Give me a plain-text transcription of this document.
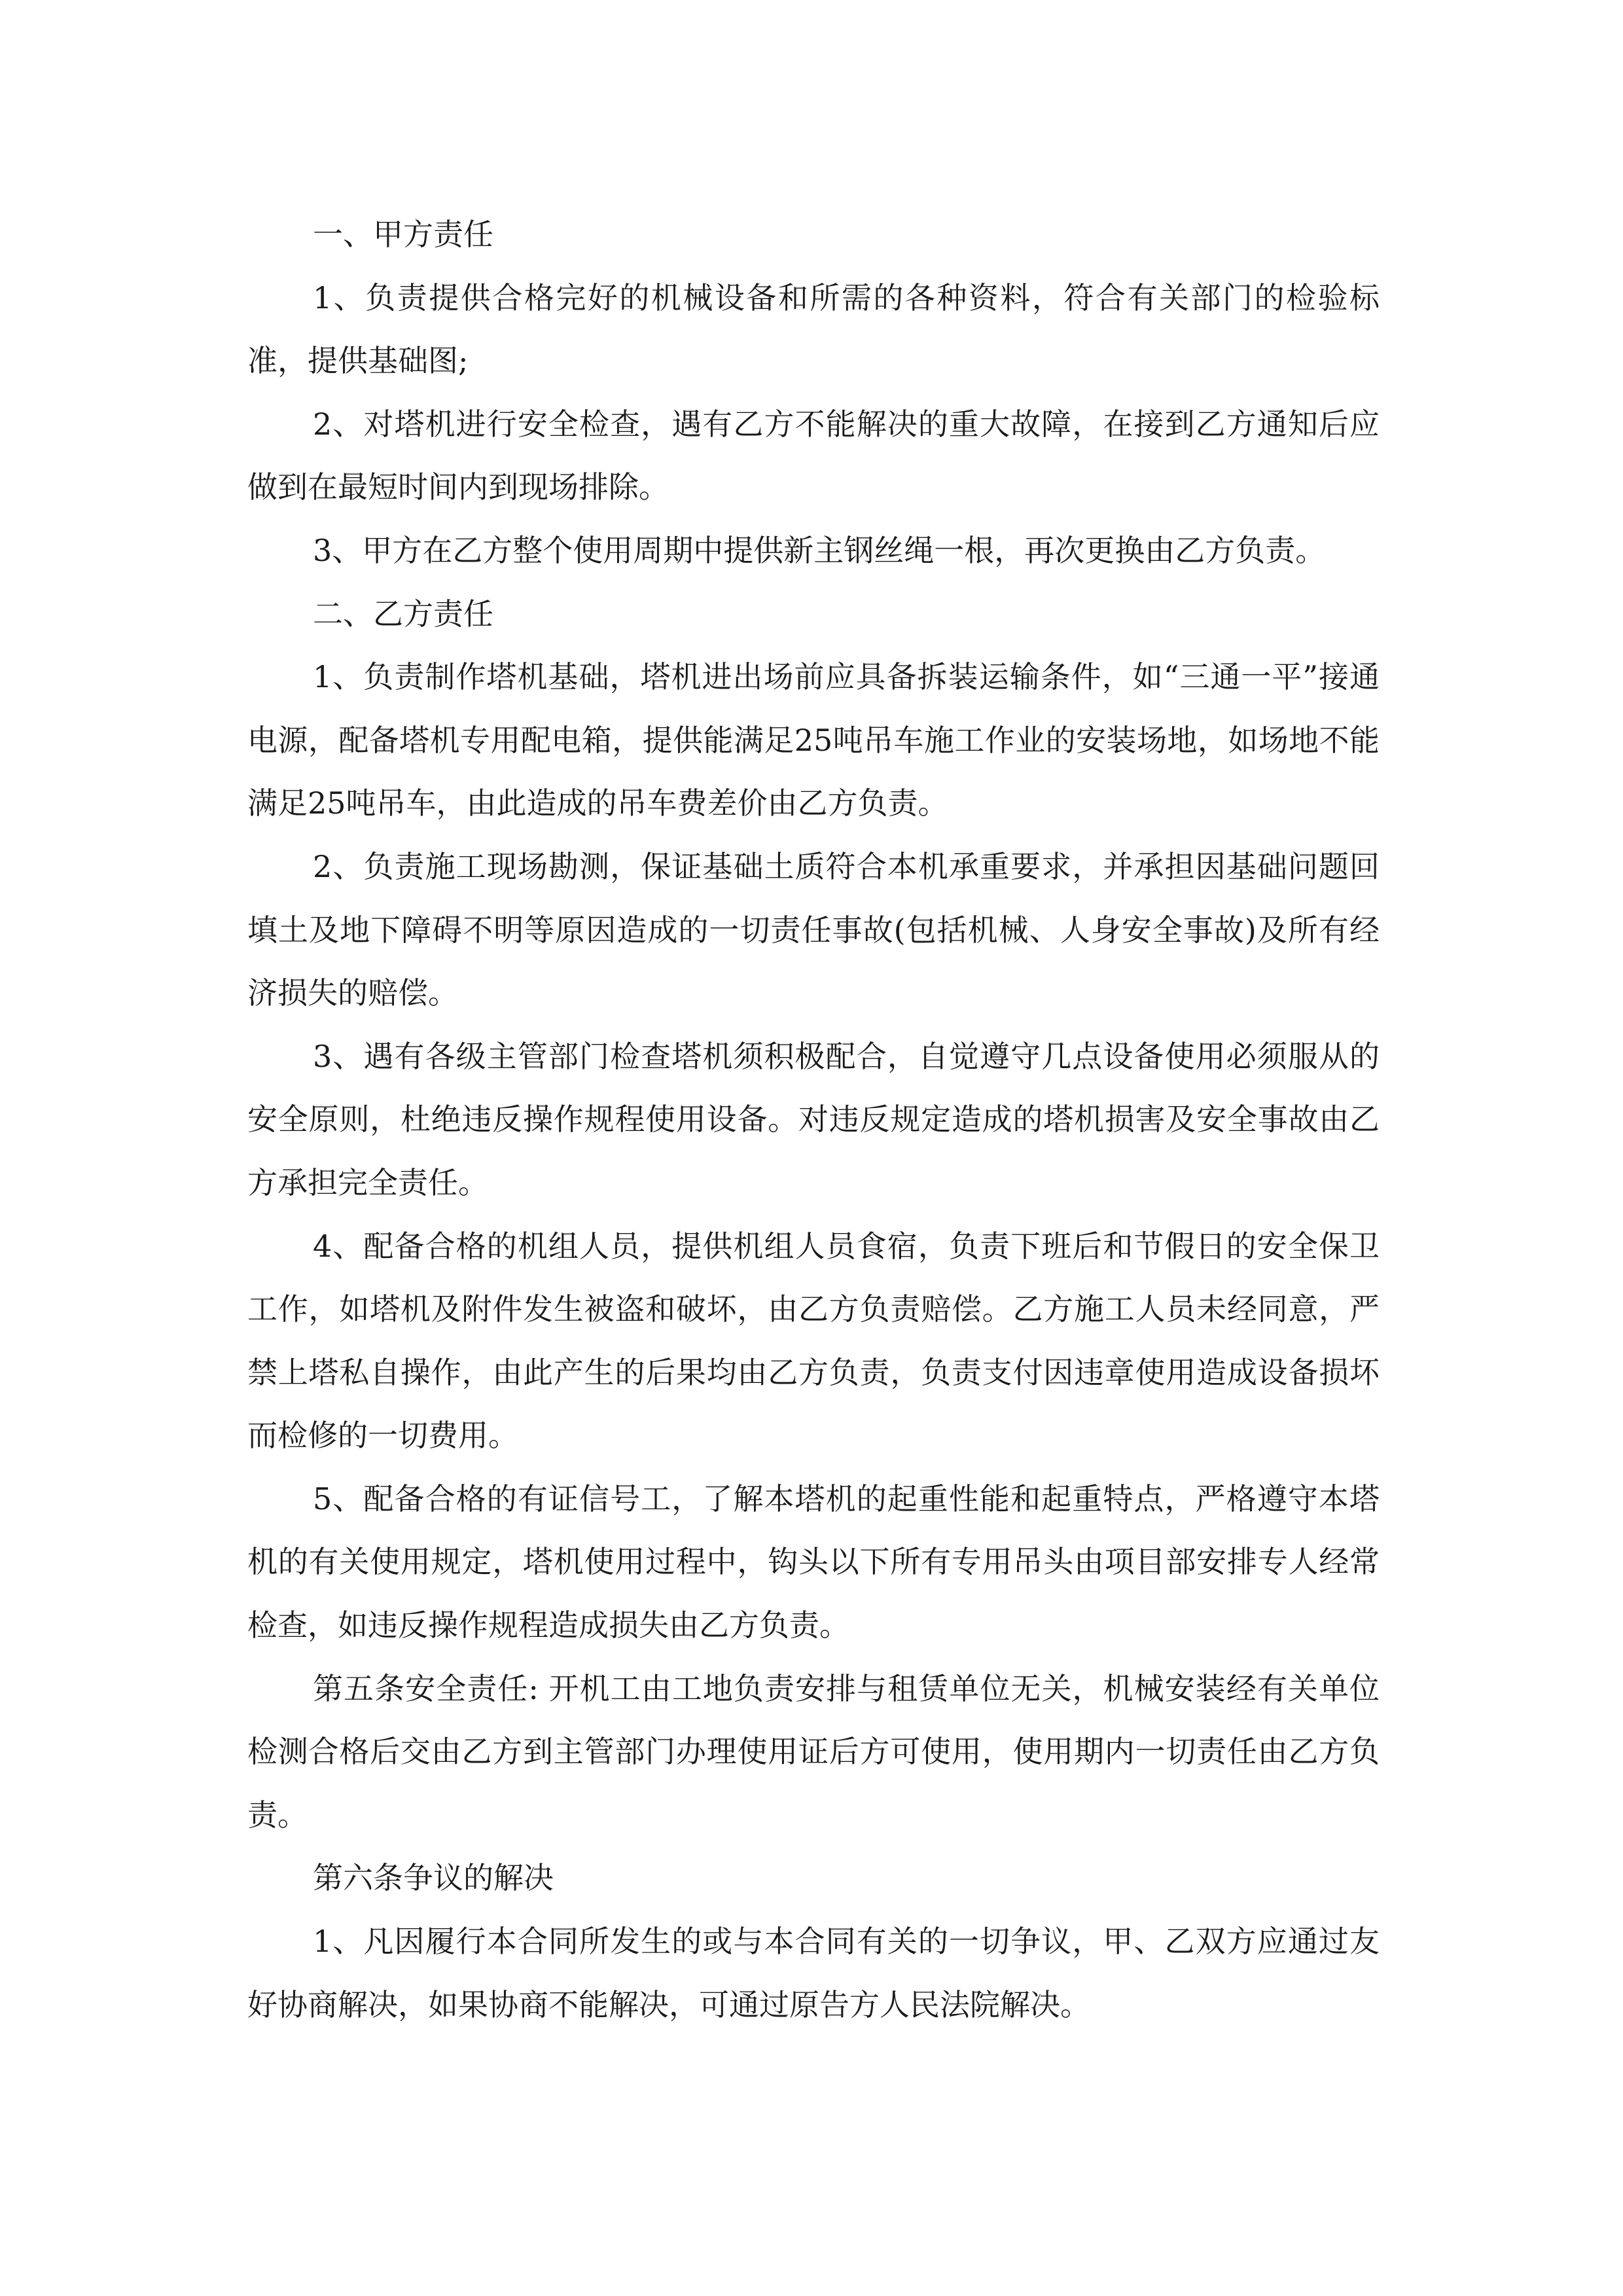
一、甲方责任

1、负责提供合格完好的机械设备和所需的各种资料，符合有关部门的检验标准，提供基础图;

2、对塔机进行安全检查，遇有乙方不能解决的重大故障，在接到乙方通知后应做到在最短时间内到现场排除。

3、甲方在乙方整个使用周期中提供新主钢丝绳一根，再次更换由乙方负责。

二、乙方责任

1、负责制作塔机基础，塔机进出场前应具备拆装运输条件，如“三通一平”接通电源，配备塔机专用配电箱，提供能满足25吨吊车施工作业的安装场地，如场地不能满足25吨吊车，由此造成的吊车费差价由乙方负责。

2、负责施工现场勘测，保证基础土质符合本机承重要求，并承担因基础问题回填土及地下障碍不明等原因造成的一切责任事故(包括机械、人身安全事故)及所有经济损失的赔偿。

3、遇有各级主管部门检查塔机须积极配合，自觉遵守几点设备使用必须服从的安全原则，杜绝违反操作规程使用设备。对违反规定造成的塔机损害及安全事故由乙方承担完全责任。

4、配备合格的机组人员，提供机组人员食宿，负责下班后和节假日的安全保卫工作，如塔机及附件发生被盗和破坏，由乙方负责赔偿。乙方施工人员未经同意，严禁上塔私自操作，由此产生的后果均由乙方负责，负责支付因违章使用造成设备损坏而检修的一切费用。

5、配备合格的有证信号工，了解本塔机的起重性能和起重特点，严格遵守本塔机的有关使用规定，塔机使用过程中，钩头以下所有专用吊头由项目部安排专人经常检查，如违反操作规程造成损失由乙方负责。

第五条安全责任: 开机工由工地负责安排与租赁单位无关，机械安装经有关单位检测合格后交由乙方到主管部门办理使用证后方可使用，使用期内一切责任由乙方负责。

第六条争议的解决

1、凡因履行本合同所发生的或与本合同有关的一切争议，甲、乙双方应通过友好协商解决，如果协商不能解决，可通过原告方人民法院解决。
